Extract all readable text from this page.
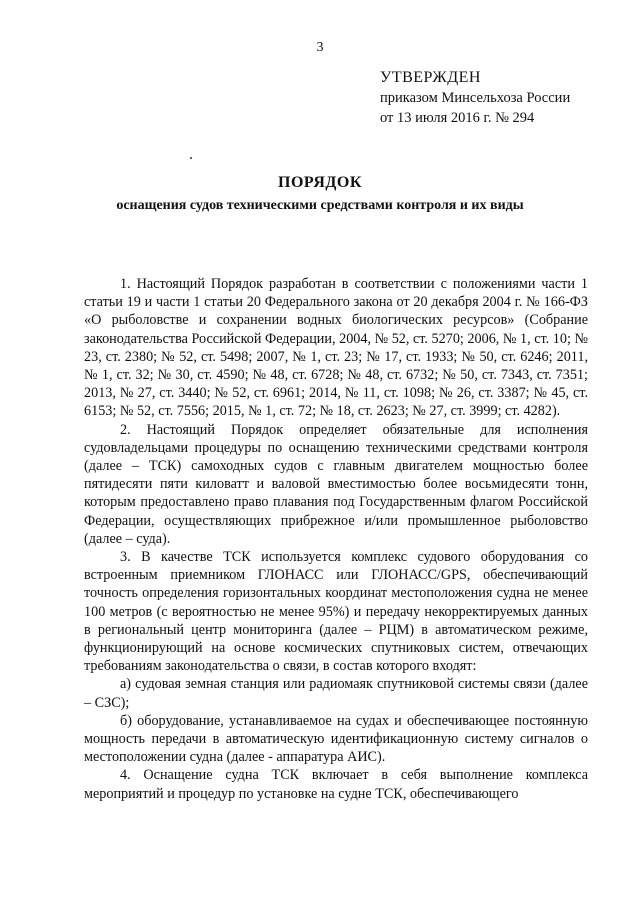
3
УТВЕРЖДЕН
приказом Минсельхоза России
от 13 июля 2016 г. № 294
ПОРЯДОК
оснащения судов техническими средствами контроля и их виды

1. Настоящий Порядок разработан в соответствии с положениями части 1 статьи 19 и части 1 статьи 20 Федерального закона от 20 декабря 2004 г. № 166-ФЗ «О рыболовстве и сохранении водных биологических ресурсов» (Собрание законодательства Российской Федерации, 2004, № 52, ст. 5270; 2006, № 1, ст. 10; № 23, ст. 2380; № 52, ст. 5498; 2007, № 1, ст. 23; № 17, ст. 1933; № 50, ст. 6246; 2011, № 1, ст. 32; № 30, ст. 4590; № 48, ст. 6728; № 48, ст. 6732; № 50, ст. 7343, ст. 7351; 2013, № 27, ст. 3440; № 52, ст. 6961; 2014, № 11, ст. 1098; № 26, ст. 3387; № 45, ст. 6153; № 52, ст. 7556; 2015, № 1, ст. 72; № 18, ст. 2623; № 27, ст. 3999; ст. 4282).

2. Настоящий Порядок определяет обязательные для исполнения судовладельцами процедуры по оснащению техническими средствами контроля (далее – ТСК) самоходных судов с главным двигателем мощностью более пятидесяти пяти киловатт и валовой вместимостью более восьмидесяти тонн, которым предоставлено право плавания под Государственным флагом Российской Федерации, осуществляющих прибрежное и/или промышленное рыболовство (далее – суда).

3. В качестве ТСК используется комплекс судового оборудования со встроенным приемником ГЛОНАСС или ГЛОНАСС/GPS, обеспечивающий точность определения горизонтальных координат местоположения судна не менее 100 метров (с вероятностью не менее 95%) и передачу некорректируемых данных в региональный центр мониторинга (далее – РЦМ) в автоматическом режиме, функционирующий на основе космических спутниковых систем, отвечающих требованиям законодательства о связи, в состав которого входят:

а) судовая земная станция или радиомаяк спутниковой системы связи (далее – СЗС);

б) оборудование, устанавливаемое на судах и обеспечивающее постоянную мощность передачи в автоматическую идентификационную систему сигналов о местоположении судна (далее - аппаратура АИС).

4. Оснащение судна ТСК включает в себя выполнение комплекса мероприятий и процедур по установке на судне ТСК, обеспечивающего
